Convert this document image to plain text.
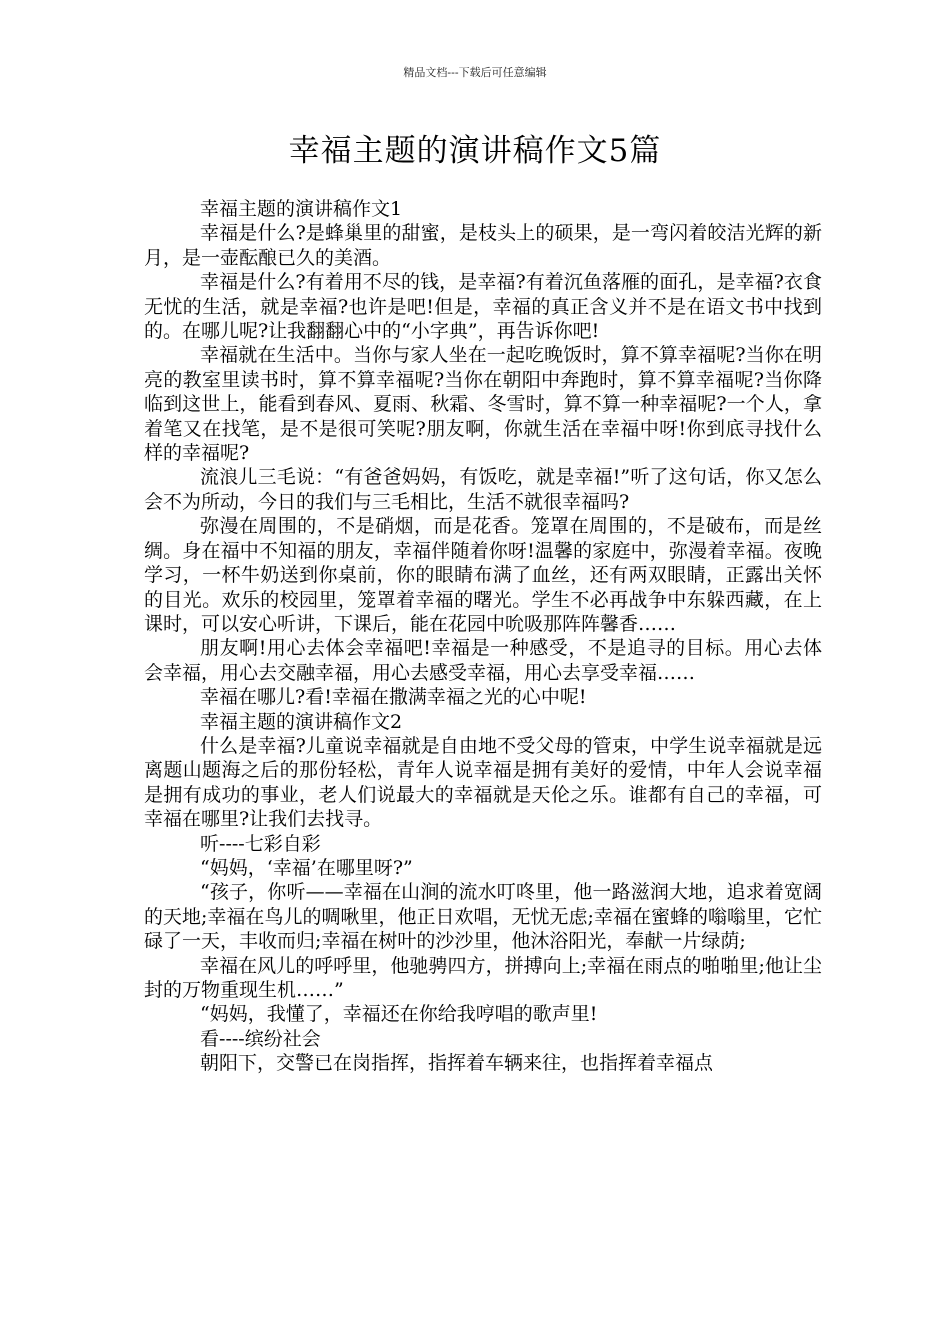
精品文档---下载后可任意编辑
幸福主题的演讲稿作文5篇

幸福主题的演讲稿作文1

幸福是什么?是蜂巢里的甜蜜，是枝头上的硕果，是一弯闪着皎洁光辉的新月，是一壶酝酿已久的美酒。

幸福是什么?有着用不尽的钱，是幸福?有着沉鱼落雁的面孔，是幸福?衣食无忧的生活，就是幸福?也许是吧!但是，幸福的真正含义并不是在语文书中找到的。在哪儿呢?让我翻翻心中的“小字典”，再告诉你吧!

幸福就在生活中。当你与家人坐在一起吃晚饭时，算不算幸福呢?当你在明亮的教室里读书时，算不算幸福呢?当你在朝阳中奔跑时，算不算幸福呢?当你降临到这世上，能看到春风、夏雨、秋霜、冬雪时，算不算一种幸福呢?一个人，拿着笔又在找笔，是不是很可笑呢?朋友啊，你就生活在幸福中呀!你到底寻找什么样的幸福呢?

流浪儿三毛说：“有爸爸妈妈，有饭吃，就是幸福!”听了这句话，你又怎么会不为所动，今日的我们与三毛相比，生活不就很幸福吗?

弥漫在周围的，不是硝烟，而是花香。笼罩在周围的，不是破布，而是丝绸。身在福中不知福的朋友，幸福伴随着你呀!温馨的家庭中，弥漫着幸福。夜晚学习，一杯牛奶送到你桌前，你的眼睛布满了血丝，还有两双眼睛，正露出关怀的目光。欢乐的校园里，笼罩着幸福的曙光。学生不必再战争中东躲西藏，在上课时，可以安心听讲，下课后，能在花园中吮吸那阵阵馨香……

朋友啊!用心去体会幸福吧!幸福是一种感受，不是追寻的目标。用心去体会幸福，用心去交融幸福，用心去感受幸福，用心去享受幸福……

幸福在哪儿?看!幸福在撒满幸福之光的心中呢!

幸福主题的演讲稿作文2

什么是幸福?儿童说幸福就是自由地不受父母的管束，中学生说幸福就是远离题山题海之后的那份轻松，青年人说幸福是拥有美好的爱情，中年人会说幸福是拥有成功的事业，老人们说最大的幸福就是天伦之乐。谁都有自己的幸福，可幸福在哪里?让我们去找寻。

听----七彩自彩

“妈妈，‘幸福’在哪里呀?”

“孩子，你听——幸福在山涧的流水叮咚里，他一路滋润大地，追求着宽阔的天地;幸福在鸟儿的啁啾里，他正日欢唱，无忧无虑;幸福在蜜蜂的嗡嗡里，它忙碌了一天，丰收而归;幸福在树叶的沙沙里，他沐浴阳光，奉献一片绿荫;

幸福在风儿的呼呼里，他驰骋四方，拼搏向上;幸福在雨点的啪啪里;他让尘封的万物重现生机……”

“妈妈，我懂了，幸福还在你给我哼唱的歌声里!

看----缤纷社会

朝阳下，交警已在岗指挥，指挥着车辆来往，也指挥着幸福点
